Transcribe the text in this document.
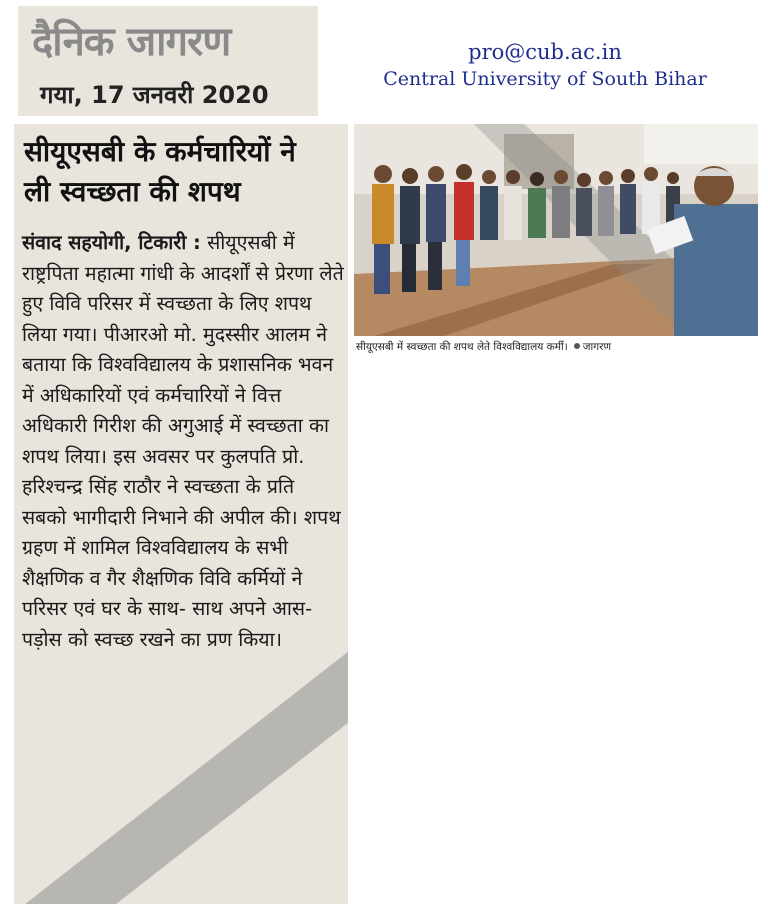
दैनिक जागरण
गया, 17 जनवरी 2020
pro@cub.ac.in
Central University of South Bihar
सीयूएसबी के कर्मचारियों ने
ली स्वच्छता की शपथ
संवाद सहयोगी, टिकारी : सीयूएसबी में राष्ट्रपिता महात्मा गांधी के आदर्शों से प्रेरणा लेते हुए विवि परिसर में स्वच्छता के लिए शपथ लिया गया। पीआरओ मो. मुदस्सीर आलम ने बताया कि विश्वविद्यालय के प्रशासनिक भवन में अधिकारियों एवं कर्मचारियों ने वित्त अधिकारी गिरीश की अगुआई में स्वच्छता का शपथ लिया। इस अवसर पर कुलपति प्रो. हरिश्चन्द्र सिंह राठौर ने स्वच्छता के प्रति सबको भागीदारी निभाने की अपील की। शपथ ग्रहण में शामिल विश्वविद्यालय के सभी शैक्षणिक व गैर शैक्षणिक विवि कर्मियों ने परिसर एवं घर के साथ- साथ अपने आस-पड़ोस को स्वच्छ रखने का प्रण किया।
सीयूएसबी में स्वच्छता की शपथ लेते विश्वविद्यालय कर्मी। जागरण
